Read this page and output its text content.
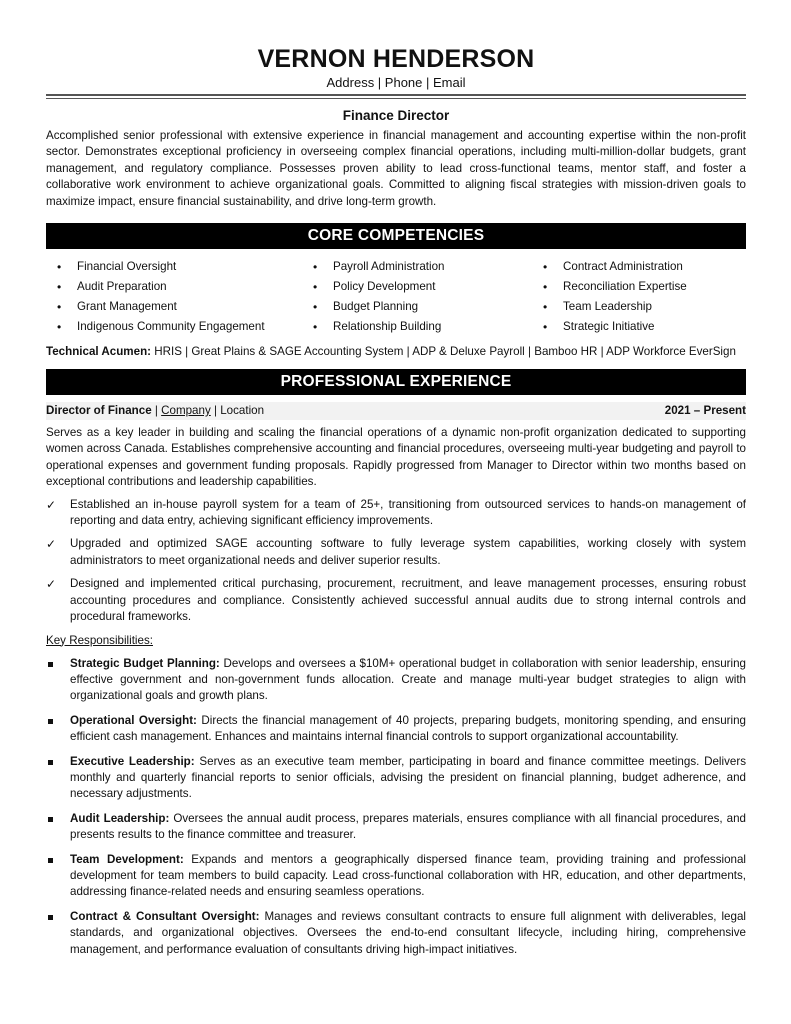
VERNON HENDERSON
Address | Phone | Email
Finance Director
Accomplished senior professional with extensive experience in financial management and accounting expertise within the non-profit sector. Demonstrates exceptional proficiency in overseeing complex financial operations, including multi-million-dollar budgets, grant management, and regulatory compliance. Possesses proven ability to lead cross-functional teams, mentor staff, and foster a collaborative work environment to achieve organizational goals. Committed to aligning fiscal strategies with mission-driven goals to maximize impact, ensure financial sustainability, and drive long-term growth.
CORE COMPETENCIES
• Financial Oversight
• Audit Preparation
• Grant Management
• Indigenous Community Engagement
• Payroll Administration
• Policy Development
• Budget Planning
• Relationship Building
• Contract Administration
• Reconciliation Expertise
• Team Leadership
• Strategic Initiative
Technical Acumen: HRIS | Great Plains & SAGE Accounting System | ADP & Deluxe Payroll | Bamboo HR | ADP Workforce EverSign
PROFESSIONAL EXPERIENCE
Director of Finance | Company | Location	2021 – Present
Serves as a key leader in building and scaling the financial operations of a dynamic non-profit organization dedicated to supporting women across Canada. Establishes comprehensive accounting and financial procedures, overseeing multi-year budgeting and payroll to operational expenses and government funding proposals. Rapidly progressed from Manager to Director within two months based on exceptional contributions and leadership capabilities.
✓ Established an in-house payroll system for a team of 25+, transitioning from outsourced services to hands-on management of reporting and data entry, achieving significant efficiency improvements.
✓ Upgraded and optimized SAGE accounting software to fully leverage system capabilities, working closely with system administrators to meet organizational needs and deliver superior results.
✓ Designed and implemented critical purchasing, procurement, recruitment, and leave management processes, ensuring robust accounting procedures and compliance. Consistently achieved successful annual audits due to strong internal controls and procedural frameworks.
Key Responsibilities:
Strategic Budget Planning: Develops and oversees a $10M+ operational budget in collaboration with senior leadership, ensuring effective government and non-government funds allocation. Create and manage multi-year budget strategies to align with organizational goals and growth plans.
Operational Oversight: Directs the financial management of 40 projects, preparing budgets, monitoring spending, and ensuring efficient cash management. Enhances and maintains internal financial controls to support organizational accountability.
Executive Leadership: Serves as an executive team member, participating in board and finance committee meetings. Delivers monthly and quarterly financial reports to senior officials, advising the president on financial planning, budget adherence, and necessary adjustments.
Audit Leadership: Oversees the annual audit process, prepares materials, ensures compliance with all financial procedures, and presents results to the finance committee and treasurer.
Team Development: Expands and mentors a geographically dispersed finance team, providing training and professional development for team members to build capacity. Lead cross-functional collaboration with HR, education, and other departments, addressing finance-related needs and ensuring seamless operations.
Contract & Consultant Oversight: Manages and reviews consultant contracts to ensure full alignment with deliverables, legal standards, and organizational objectives. Oversees the end-to-end consultant lifecycle, including hiring, comprehensive management, and performance evaluation of consultants driving high-impact initiatives.
